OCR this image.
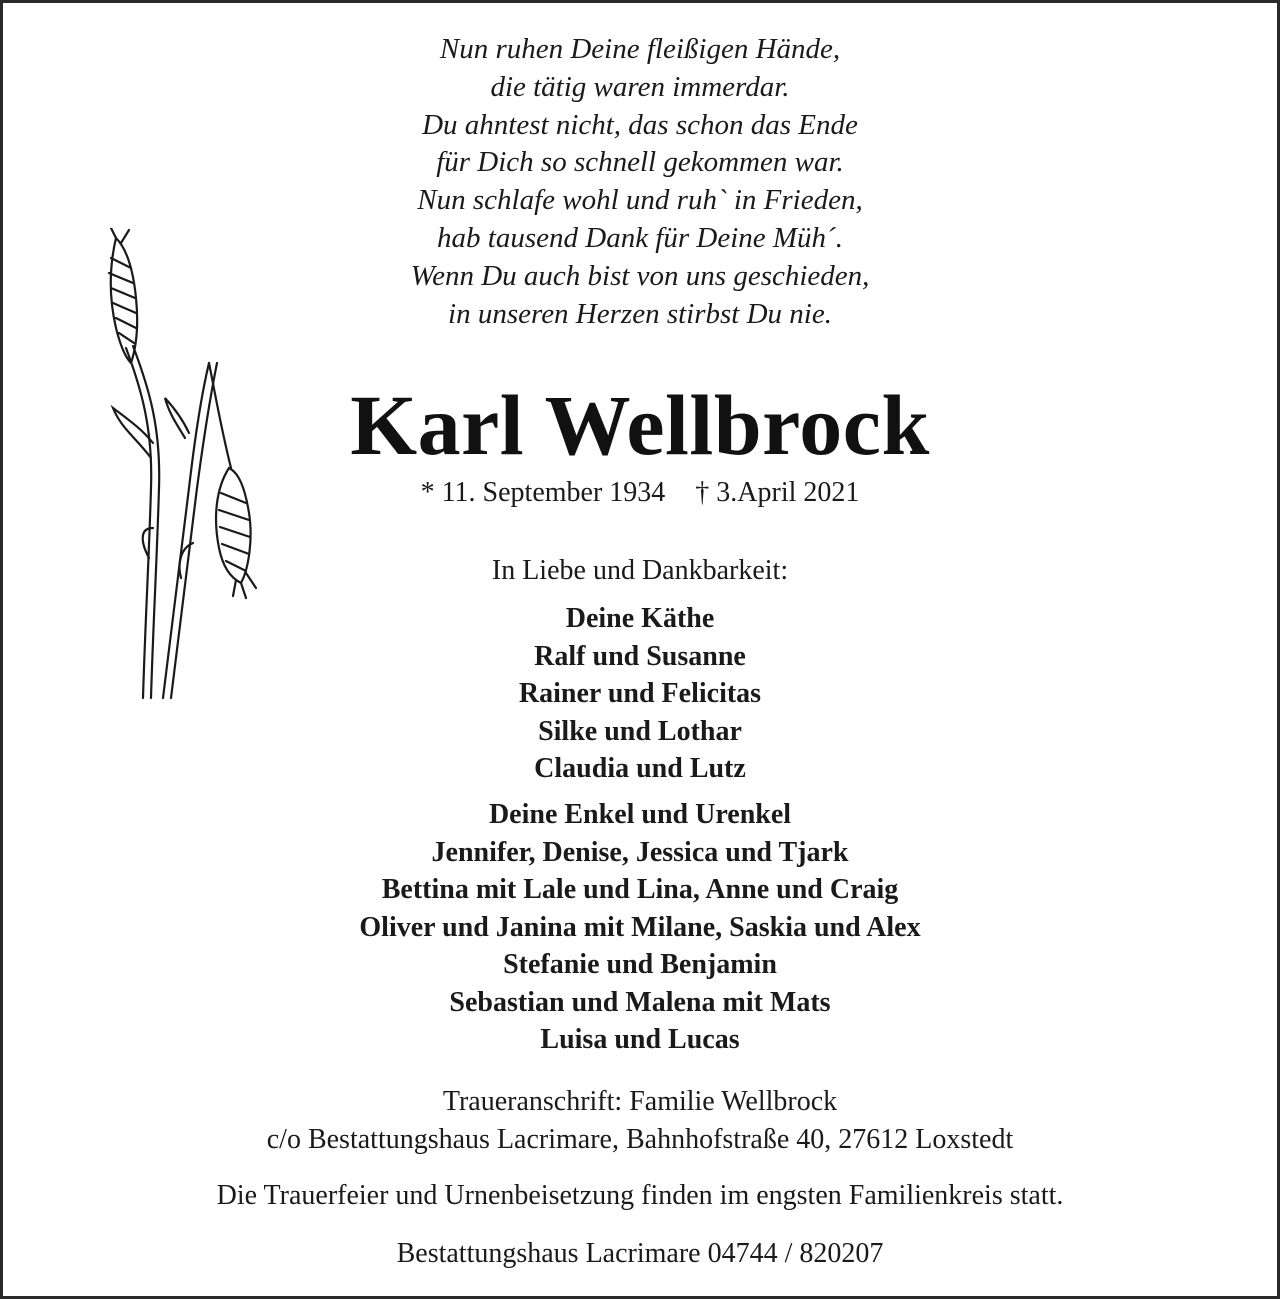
Nun ruhen Deine fleißigen Hände,
die tätig waren immerdar.
Du ahntest nicht, das schon das Ende
für Dich so schnell gekommen war.
Nun schlafe wohl und ruh` in Frieden,
hab tausend Dank für Deine Müh´.
Wenn Du auch bist von uns geschieden,
in unseren Herzen stirbst Du nie.
Karl Wellbrock
* 11. September 1934 † 3.April 2021
In Liebe und Dankbarkeit:
Deine Käthe
Ralf und Susanne
Rainer und Felicitas
Silke und Lothar
Claudia und Lutz
Deine Enkel und Urenkel
Jennifer, Denise, Jessica und Tjark
Bettina mit Lale und Lina, Anne und Craig
Oliver und Janina mit Milane, Saskia und Alex
Stefanie und Benjamin
Sebastian und Malena mit Mats
Luisa und Lucas
Traueranschrift: Familie Wellbrock
c/o Bestattungshaus Lacrimare, Bahnhofstraße 40, 27612 Loxstedt
Die Trauerfeier und Urnenbeisetzung finden im engsten Familienkreis statt.
Bestattungshaus Lacrimare 04744 / 820207
